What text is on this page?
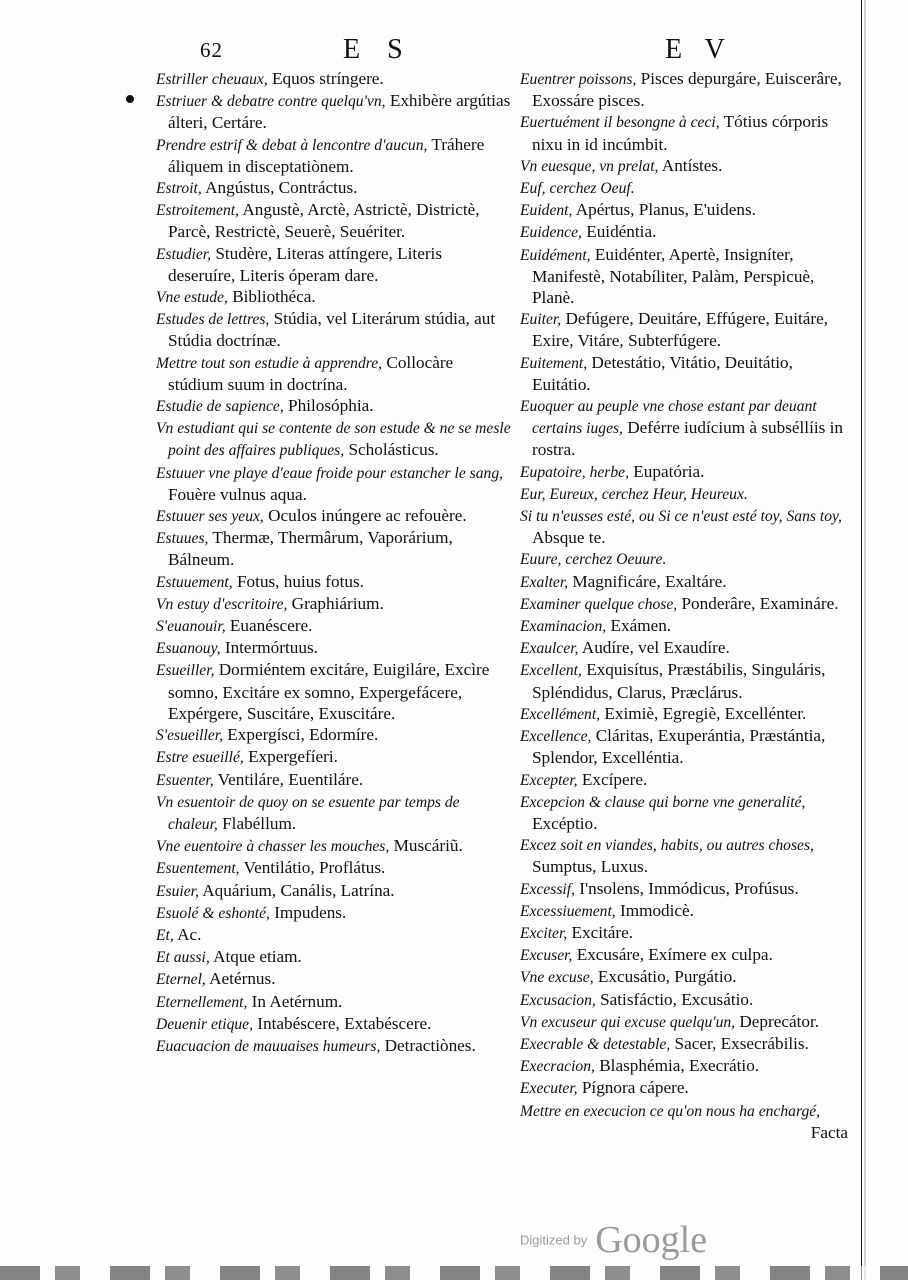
62	E S	E V

Estriller cheuaux, Equos stríngere.

Estriuer & debatre contre quelqu'vn, Exhibère argútias álteri, Certáre.

Prendre estrif & debat à lencontre d'aucun, Tráhere áliquem in disceptatiònem.

Estroit, Angústus, Contráctus.

Estroitement, Angustè, Arctè, Astrictè, Districtè, Parcè, Restrictè, Seuerè, Seuériter.

Estudier, Studère, Literas attíngere, Literis deseruíre, Literis óperam dare.

Vne estude, Bibliothéca.

Estudes de lettres, Stúdia, vel Literárum stúdia, aut Stúdia doctrínæ.

Mettre tout son estudie à apprendre, Collocàre stúdium suum in doctrína.

Estudie de sapience, Philosóphia.

Vn estudiant qui se contente de son estude & ne se mesle point des affaires publiques, Scholásticus.

Estuuer vne playe d'eaue froide pour estancher le sang, Fouère vulnus aqua.

Estuuer ses yeux, Oculos inúngere ac refouère.

Estuues, Thermæ, Thermârum, Vaporárium, Bálneum.

Estuuement, Fotus, huius fotus.

Vn estuy d'escritoire, Graphiárium.

S'euanouir, Euanéscere.

Esuanouy, Intermórtuus.

Esueiller, Dormiéntem excitáre, Euigiláre, Excìre somno, Excitáre ex somno, Expergefácere, Expérgere, Suscitáre, Exuscitáre.

S'esueiller, Expergísci, Edormíre.

Estre esueillé, Expergefíeri.

Esuenter, Ventiláre, Euentiláre.

Vn esuentoir de quoy on se esuente par temps de chaleur, Flabéllum.

Vne euentoire à chasser les mouches, Muscáriũ.

Esuentement, Ventilátio, Proflátus.

Esuier, Aquárium, Canális, Latrína.

Esuolé & eshonté, Impudens.

Et, Ac.

Et aussi, Atque etiam.

Eternel, Aetérnus.

Eternellement, In Aetérnum.

Deuenir etique, Intabéscere, Extabéscere.

Euacuacion de mauuaises humeurs, Detractiònes.

Euentrer poissons, Pisces depurgáre, Euiscerâre, Exossáre pisces.

Euertuément il besongne à ceci, Tótius córporis nixu in id incúmbit.

Vn euesque, vn prelat, Antístes.

Euf, cerchez Oeuf.

Euident, Apértus, Planus, E'uidens.

Euidence, Euidéntia.

Euidément, Euidénter, Apertè, Insigníter, Manifestè, Notabíliter, Palàm, Perspicuè, Planè.

Euiter, Defúgere, Deuitáre, Effúgere, Euitáre, Exire, Vitáre, Subterfúgere.

Euitement, Detestátio, Vitátio, Deuitátio, Euitátio.

Euoquer au peuple vne chose estant par deuant certains iuges, Deférre iudícium à subséllíis in rostra.

Eupatoire, herbe, Eupatória.

Eur, Eureux, cerchez Heur, Heureux.

Si tu n'eusses esté, ou Si ce n'eust esté toy, Sans toy, Absque te.

Euure, cerchez Oeuure.

Exalter, Magnificáre, Exaltáre.

Examiner quelque chose, Ponderâre, Examináre.

Examinacion, Exámen.

Exaulcer, Audíre, vel Exaudíre.

Excellent, Exquisítus, Præstábilis, Singuláris, Spléndidus, Clarus, Præclárus.

Excellément, Eximiè, Egregiè, Excellénter.

Excellence, Cláritas, Exuperántia, Præstántia, Splendor, Excelléntia.

Excepter, Excípere.

Excepcion & clause qui borne vne generalité, Excéptio.

Excez soit en viandes, habits, ou autres choses, Sumptus, Luxus.

Excessif, I'nsolens, Immódicus, Profúsus.

Excessiuement, Immodicè.

Exciter, Excitáre.

Excuser, Excusáre, Exímere ex culpa.

Vne excuse, Excusátio, Purgátio.

Excusacion, Satisfáctio, Excusátio.

Vn excuseur qui excuse quelqu'un, Deprecátor.

Execrable & detestable, Sacer, Exsecrábilis.

Execracion, Blasphémia, Execrátio.

Executer, Pígnora cápere.

Mettre en execucion ce qu'on nous ha enchargé,

Facta

Digitized by Google
